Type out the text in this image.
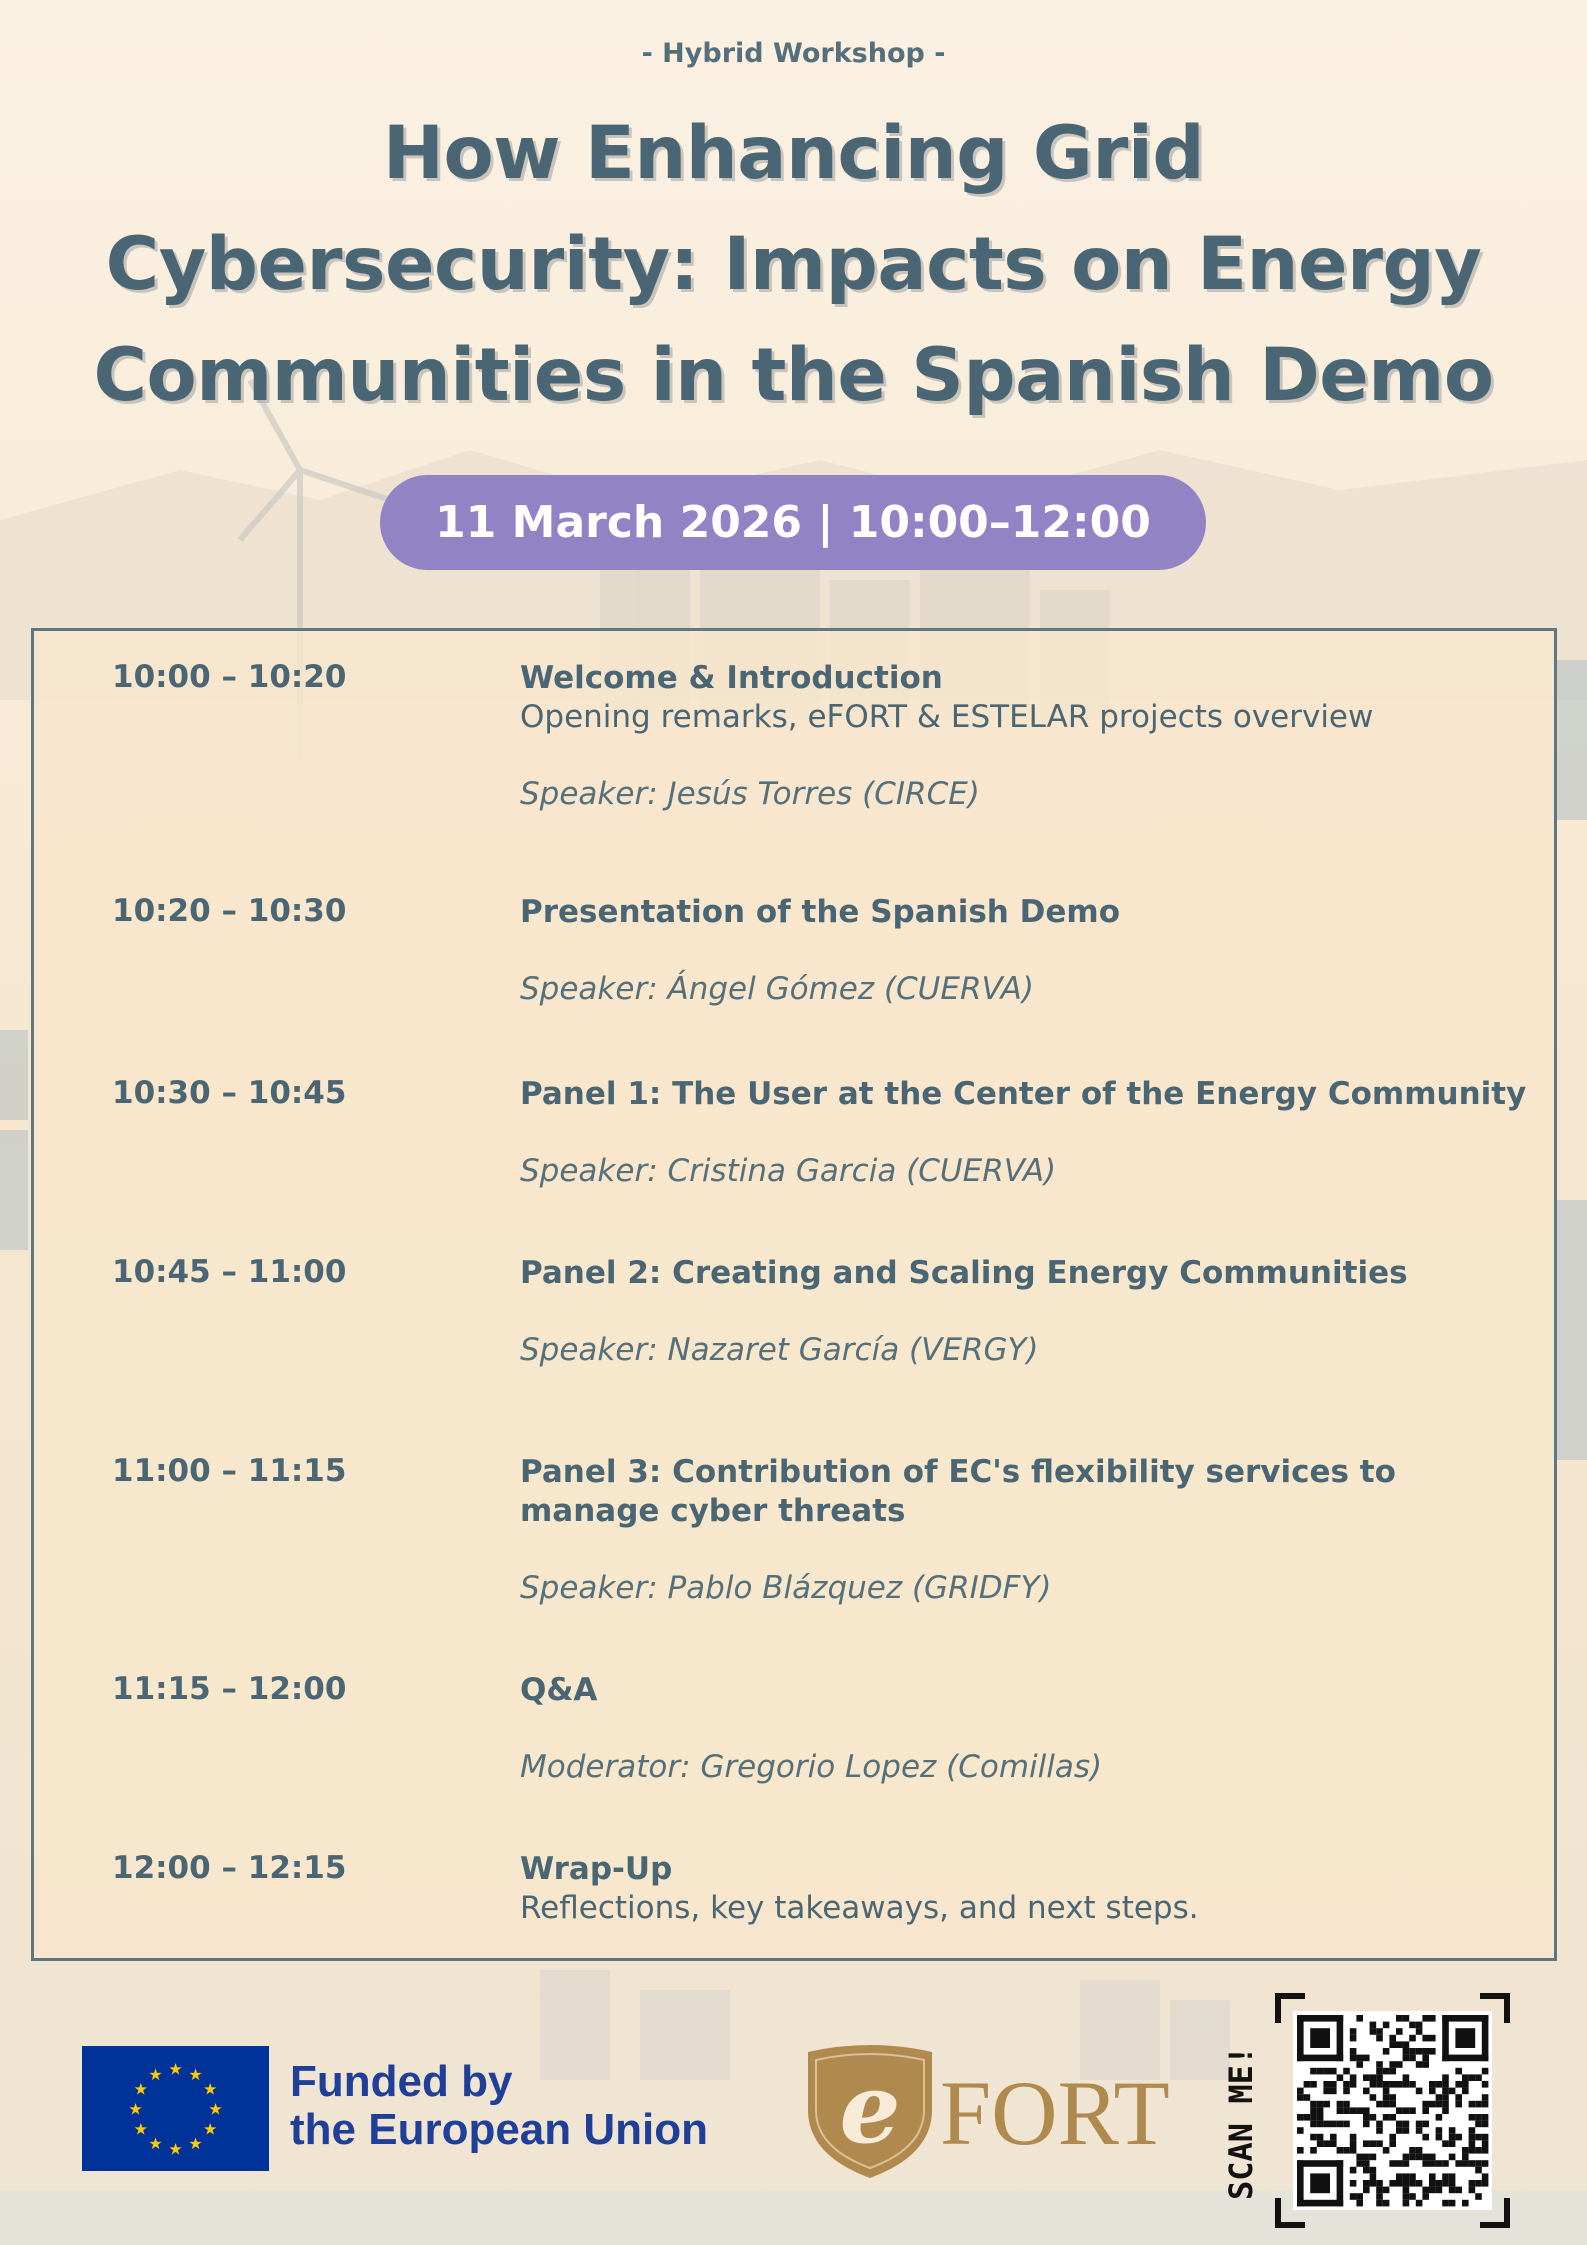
- Hybrid Workshop -
How Enhancing Grid
Cybersecurity: Impacts on Energy
Communities in the Spanish Demo
11 March 2026 | 10:00–12:00
10:00 – 10:20	Welcome & Introduction
Opening remarks, eFORT & ESTELAR projects overview
Speaker: Jesús Torres (CIRCE)
10:20 – 10:30	Presentation of the Spanish Demo
Speaker: Ángel Gómez (CUERVA)
10:30 – 10:45	Panel 1: The User at the Center of the Energy Community
Speaker: Cristina Garcia (CUERVA)
10:45 – 11:00	Panel 2: Creating and Scaling Energy Communities
Speaker: Nazaret García (VERGY)
11:00 – 11:15	Panel 3: Contribution of EC's flexibility services to manage cyber threats
Speaker: Pablo Blázquez (GRIDFY)
11:15 – 12:00	Q&A
Moderator: Gregorio Lopez (Comillas)
12:00 – 12:15	Wrap-Up
Reflections, key takeaways, and next steps.
★
★
★
★
★
★
★
★
★ ★ ★
★ Funded by
the European Union e FORT SCAN ME!
